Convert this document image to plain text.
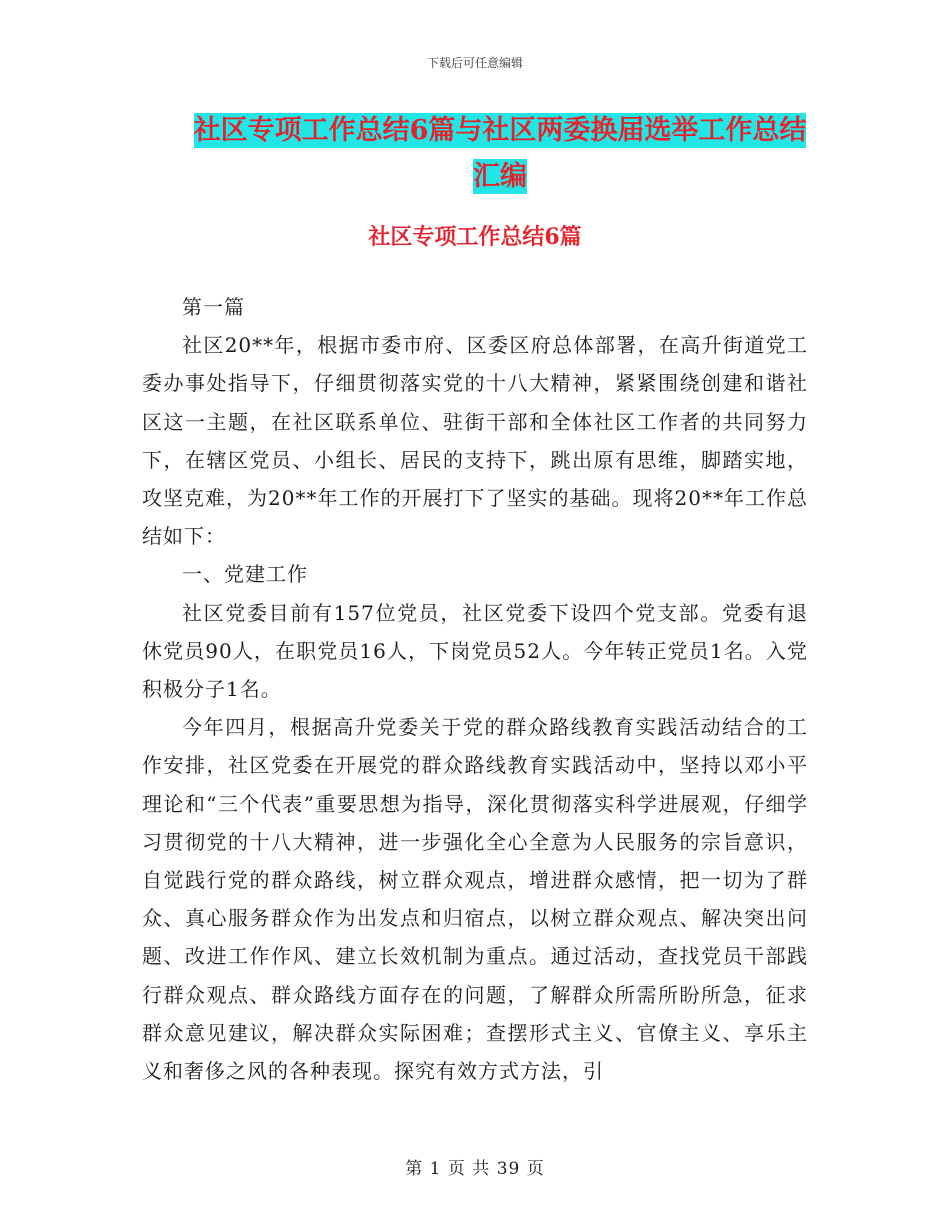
下载后可任意编辑
社区专项工作总结6篇与社区两委换届选举工作总结
汇编
社区专项工作总结6篇

第一篇

社区20**年，根据市委市府、区委区府总体部署，在高升街道党工委办事处指导下，仔细贯彻落实党的十八大精神，紧紧围绕创建和谐社区这一主题，在社区联系单位、驻街干部和全体社区工作者的共同努力下，在辖区党员、小组长、居民的支持下，跳出原有思维，脚踏实地，攻坚克难，为20**年工作的开展打下了坚实的基础。现将20**年工作总结如下：

一、党建工作

社区党委目前有157位党员，社区党委下设四个党支部。党委有退休党员90人，在职党员16人，下岗党员52人。今年转正党员1名。入党积极分子1名。

今年四月，根据高升党委关于党的群众路线教育实践活动结合的工作安排，社区党委在开展党的群众路线教育实践活动中，坚持以邓小平理论和“三个代表”重要思想为指导，深化贯彻落实科学进展观，仔细学习贯彻党的十八大精神，进一步强化全心全意为人民服务的宗旨意识，自觉践行党的群众路线，树立群众观点，增进群众感情，把一切为了群众、真心服务群众作为出发点和归宿点，以树立群众观点、解决突出问题、改进工作作风、建立长效机制为重点。通过活动，查找党员干部践行群众观点、群众路线方面存在的问题，了解群众所需所盼所急，征求群众意见建议，解决群众实际困难；查摆形式主义、官僚主义、享乐主义和奢侈之风的各种表现。探究有效方式方法，引

第 1 页 共 39 页
